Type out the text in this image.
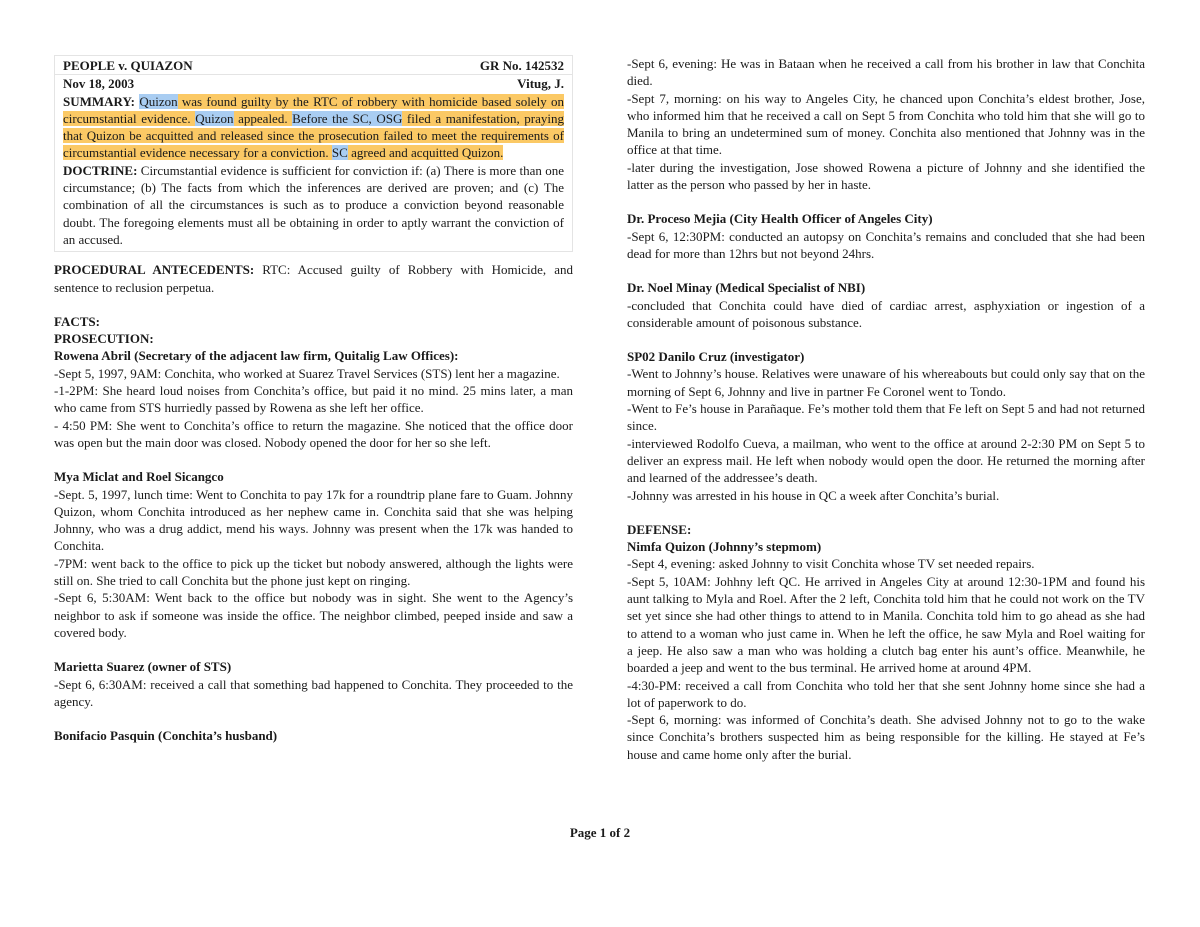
PEOPLE v. QUIAZON	GR No. 142532
Nov 18, 2003	Vitug, J.

SUMMARY: Quizon was found guilty by the RTC of robbery with homicide based solely on circumstantial evidence. Quizon appealed. Before the SC, OSG filed a manifestation, praying that Quizon be acquitted and released since the prosecution failed to meet the requirements of circumstantial evidence necessary for a conviction. SC agreed and acquitted Quizon.

DOCTRINE: Circumstantial evidence is sufficient for conviction if: (a) There is more than one circumstance; (b) The facts from which the inferences are derived are proven; and (c) The combination of all the circumstances is such as to produce a conviction beyond reasonable doubt. The foregoing elements must all be obtaining in order to aptly warrant the conviction of an accused.

PROCEDURAL ANTECEDENTS: RTC: Accused guilty of Robbery with Homicide, and sentence to reclusion perpetua.

FACTS:

PROSECUTION:

Rowena Abril (Secretary of the adjacent law firm, Quitalig Law Offices):

-Sept 5, 1997, 9AM: Conchita, who worked at Suarez Travel Services (STS) lent her a magazine.

-1-2PM: She heard loud noises from Conchita’s office, but paid it no mind. 25 mins later, a man who came from STS hurriedly passed by Rowena as she left her office.

- 4:50 PM: She went to Conchita’s office to return the magazine. She noticed that the office door was open but the main door was closed. Nobody opened the door for her so she left.

Mya Miclat and Roel Sicangco

-Sept. 5, 1997, lunch time: Went to Conchita to pay 17k for a roundtrip plane fare to Guam. Johnny Quizon, whom Conchita introduced as her nephew came in. Conchita said that she was helping Johnny, who was a drug addict, mend his ways. Johnny was present when the 17k was handed to Conchita.

-7PM: went back to the office to pick up the ticket but nobody answered, although the lights were still on. She tried to call Conchita but the phone just kept on ringing.

-Sept 6, 5:30AM: Went back to the office but nobody was in sight. She went to the Agency’s neighbor to ask if someone was inside the office. The neighbor climbed, peeped inside and saw a covered body.

Marietta Suarez (owner of STS)

-Sept 6, 6:30AM: received a call that something bad happened to Conchita. They proceeded to the agency.

Bonifacio Pasquin (Conchita’s husband)

-Sept 6, evening: He was in Bataan when he received a call from his brother in law that Conchita died.

-Sept 7, morning: on his way to Angeles City, he chanced upon Conchita’s eldest brother, Jose, who informed him that he received a call on Sept 5 from Conchita who told him that she will go to Manila to bring an undetermined sum of money. Conchita also mentioned that Johnny was in the office at that time.

-later during the investigation, Jose showed Rowena a picture of Johnny and she identified the latter as the person who passed by her in haste.

Dr. Proceso Mejia (City Health Officer of Angeles City)

-Sept 6, 12:30PM: conducted an autopsy on Conchita’s remains and concluded that she had been dead for more than 12hrs but not beyond 24hrs.

Dr. Noel Minay (Medical Specialist of NBI)

-concluded that Conchita could have died of cardiac arrest, asphyxiation or ingestion of a considerable amount of poisonous substance.

SP02 Danilo Cruz (investigator)

-Went to Johnny’s house. Relatives were unaware of his whereabouts but could only say that on the morning of Sept 6, Johnny and live in partner Fe Coronel went to Tondo.

-Went to Fe’s house in Parañaque. Fe’s mother told them that Fe left on Sept 5 and had not returned since.

-interviewed Rodolfo Cueva, a mailman, who went to the office at around 2-2:30 PM on Sept 5 to deliver an express mail. He left when nobody would open the door. He returned the morning after and learned of the addressee’s death.

-Johnny was arrested in his house in QC a week after Conchita’s burial.

DEFENSE:

Nimfa Quizon (Johnny’s stepmom)

-Sept 4, evening: asked Johnny to visit Conchita whose TV set needed repairs.

-Sept 5, 10AM: Johhny left QC. He arrived in Angeles City at around 12:30-1PM and found his aunt talking to Myla and Roel. After the 2 left, Conchita told him that he could not work on the TV set yet since she had other things to attend to in Manila. Conchita told him to go ahead as she had to attend to a woman who just came in. When he left the office, he saw Myla and Roel waiting for a jeep. He also saw a man who was holding a clutch bag enter his aunt’s office. Meanwhile, he boarded a jeep and went to the bus terminal. He arrived home at around 4PM.

-4:30-PM: received a call from Conchita who told her that she sent Johnny home since she had a lot of paperwork to do.

-Sept 6, morning: was informed of Conchita’s death. She advised Johnny not to go to the wake since Conchita’s brothers suspected him as being responsible for the killing. He stayed at Fe’s house and came home only after the burial.

Page 1 of 2
